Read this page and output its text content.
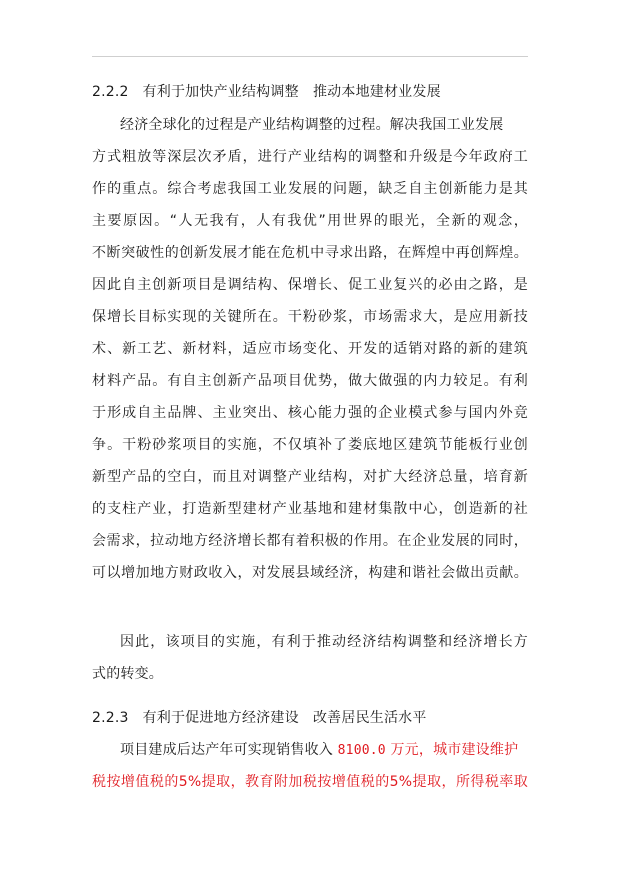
2.2.2 有利于加快产业结构调整　推动本地建材业发展
经济全球化的过程是产业结构调整的过程。解决我国工业发展
方式粗放等深层次矛盾，进行产业结构的调整和升级是今年政府工
作的重点。综合考虑我国工业发展的问题，缺乏自主创新能力是其
主要原因。“人无我有，人有我优”用世界的眼光，全新的观念，
不断突破性的创新发展才能在危机中寻求出路，在辉煌中再创辉煌。
因此自主创新项目是调结构、保增长、促工业复兴的必由之路，是
保增长目标实现的关键所在。干粉砂浆，市场需求大，是应用新技
术、新工艺、新材料，适应市场变化、开发的适销对路的新的建筑
材料产品。有自主创新产品项目优势，做大做强的内力较足。有利
于形成自主品牌、主业突出、核心能力强的企业模式参与国内外竞
争。干粉砂浆项目的实施，不仅填补了娄底地区建筑节能板行业创
新型产品的空白，而且对调整产业结构，对扩大经济总量，培育新
的支柱产业，打造新型建材产业基地和建材集散中心，创造新的社
会需求，拉动地方经济增长都有着积极的作用。在企业发展的同时，
可以增加地方财政收入，对发展县域经济，构建和谐社会做出贡献。
因此，该项目的实施，有利于推动经济结构调整和经济增长方
式的转变。
2.2.3 有利于促进地方经济建设　改善居民生活水平
项目建成后达产年可实现销售收入 8100.0 万元，城市建设维护
税按增值税的5%提取，教育附加税按增值税的5%提取，所得税率取
